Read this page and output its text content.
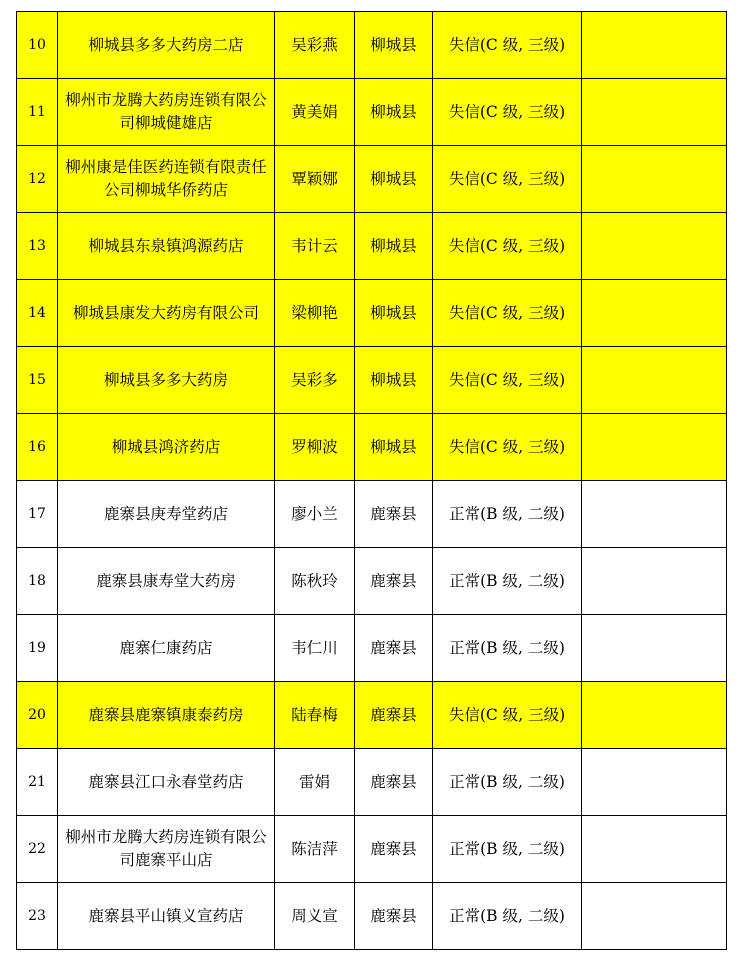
10	柳城县多多大药房二店	吴彩燕	柳城县	失信(C 级, 三级)	
11	柳州市龙腾大药房连锁有限公司柳城健雄店	黄美娟	柳城县	失信(C 级, 三级)	
12	柳州康是佳医药连锁有限责任公司柳城华侨药店	覃颖娜	柳城县	失信(C 级, 三级)	
13	柳城县东泉镇鸿源药店	韦计云	柳城县	失信(C 级, 三级)	
14	柳城县康发大药房有限公司	梁柳艳	柳城县	失信(C 级, 三级)	
15	柳城县多多大药房	吴彩多	柳城县	失信(C 级, 三级)	
16	柳城县鸿济药店	罗柳波	柳城县	失信(C 级, 三级)	
17	鹿寨县庚寿堂药店	廖小兰	鹿寨县	正常(B 级, 二级)	
18	鹿寨县康寿堂大药房	陈秋玲	鹿寨县	正常(B 级, 二级)	
19	鹿寨仁康药店	韦仁川	鹿寨县	正常(B 级, 二级)	
20	鹿寨县鹿寨镇康泰药房	陆春梅	鹿寨县	失信(C 级, 三级)	
21	鹿寨县江口永春堂药店	雷娟	鹿寨县	正常(B 级, 二级)	
22	柳州市龙腾大药房连锁有限公司鹿寨平山店	陈洁萍	鹿寨县	正常(B 级, 二级)	
23	鹿寨县平山镇义宣药店	周义宣	鹿寨县	正常(B 级, 二级)	
